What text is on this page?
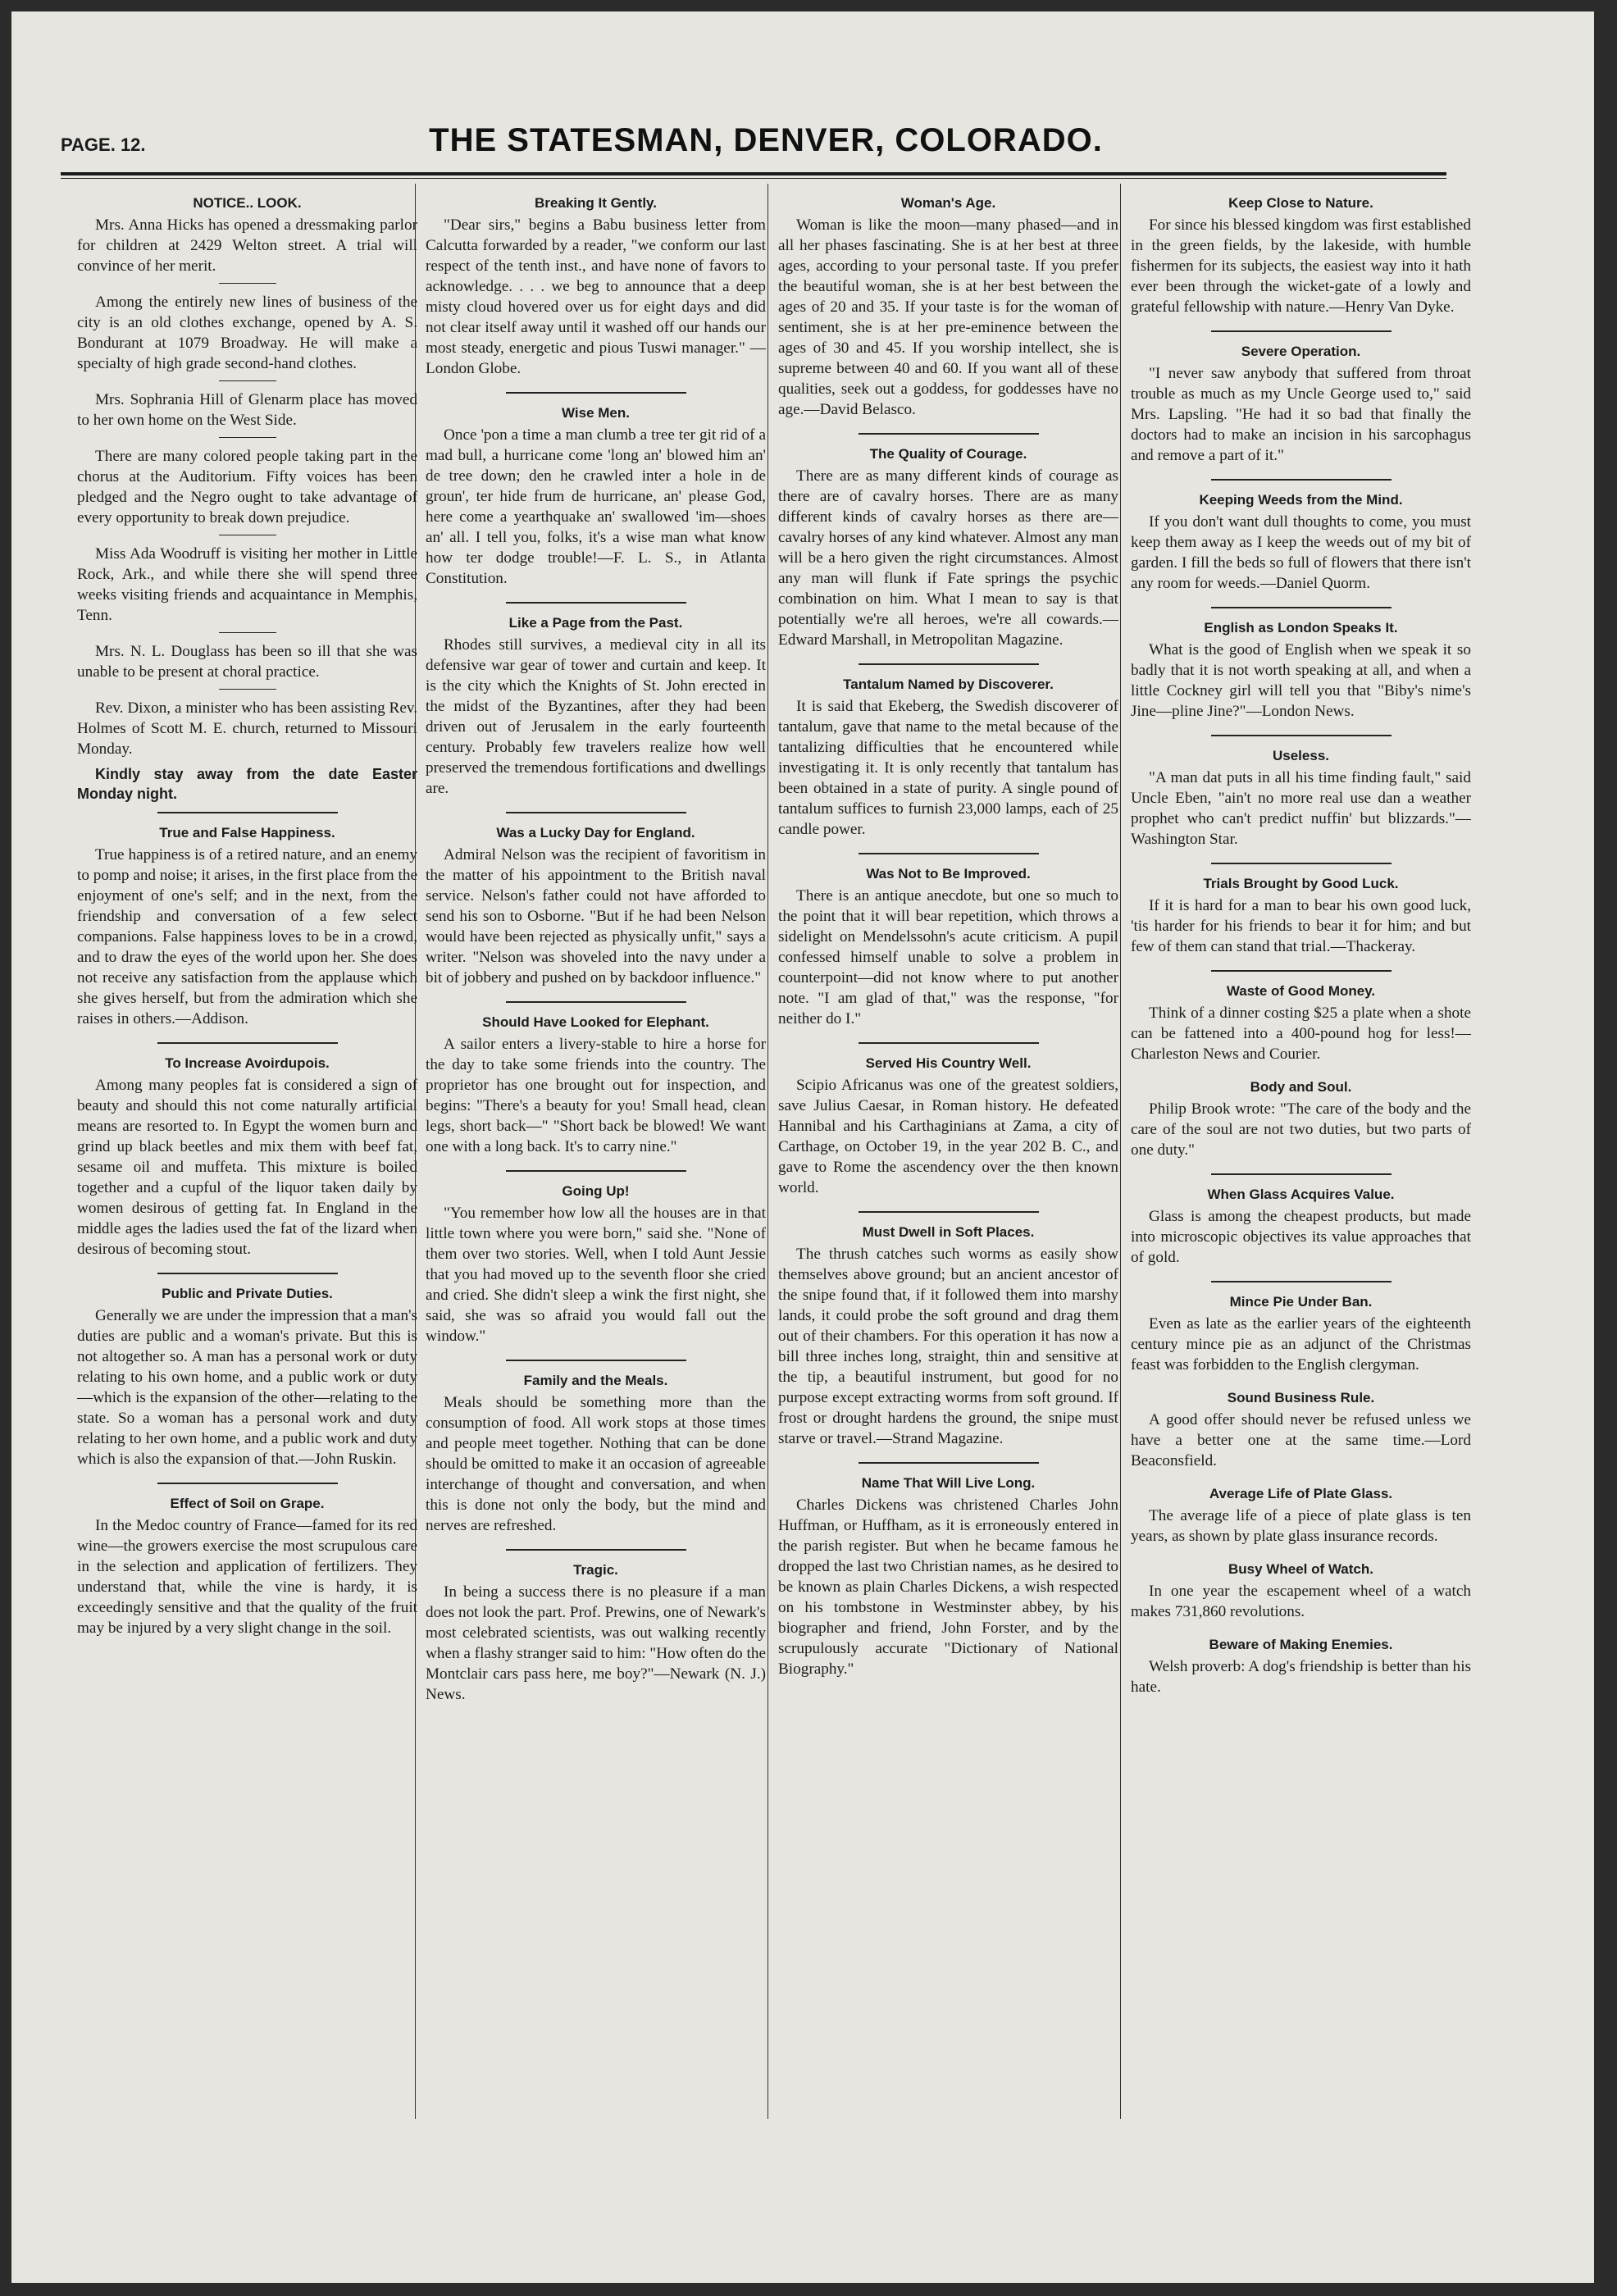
PAGE. 12.	THE STATESMAN, DENVER, COLORADO.
NOTICE.. LOOK.

Mrs. Anna Hicks has opened a dressmaking parlor for children at 2429 Welton street. A trial will convince of her merit.

Among the entirely new lines of business of the city is an old clothes exchange, opened by A. S. Bondurant at 1079 Broadway. He will make a specialty of high grade second-hand clothes.

Mrs. Sophrania Hill of Glenarm place has moved to her own home on the West Side.

There are many colored people taking part in the chorus at the Auditorium. Fifty voices has been pledged and the Negro ought to take advantage of every opportunity to break down prejudice.

Miss Ada Woodruff is visiting her mother in Little Rock, Ark., and while there she will spend three weeks visiting friends and acquaintance in Memphis, Tenn.

Mrs. N. L. Douglass has been so ill that she was unable to be present at choral practice.

Rev. Dixon, a minister who has been assisting Rev. Holmes of Scott M. E. church, returned to Missouri Monday.

Kindly stay away from the date Easter Monday night.
True and False Happiness.

True happiness is of a retired nature, and an enemy to pomp and noise; it arises, in the first place from the enjoyment of one's self; and in the next, from the friendship and conversation of a few select companions. False happiness loves to be in a crowd, and to draw the eyes of the world upon her. She does not receive any satisfaction from the applause which she gives herself, but from the admiration which she raises in others.—Addison.

To Increase Avoirdupois.

Among many peoples fat is considered a sign of beauty and should this not come naturally artificial means are resorted to. In Egypt the women burn and grind up black beetles and mix them with beef fat, sesame oil and muffeta. This mixture is boiled together and a cupful of the liquor taken daily by women desirous of getting fat. In England in the middle ages the ladies used the fat of the lizard when desirous of becoming stout.

Public and Private Duties.

Generally we are under the impression that a man's duties are public and a woman's private. But this is not altogether so. A man has a personal work or duty relating to his own home, and a public work or duty—which is the expansion of the other—relating to the state. So a woman has a personal work and duty relating to her own home, and a public work and duty which is also the expansion of that.—John Ruskin.

Effect of Soil on Grape.

In the Medoc country of France—famed for its red wine—the growers exercise the most scrupulous care in the selection and application of fertilizers. They understand that, while the vine is hardy, it is exceedingly sensitive and that the quality of the fruit may be injured by a very slight change in the soil.

Breaking It Gently.

"Dear sirs," begins a Babu business letter from Calcutta forwarded by a reader, "we conform our last respect of the tenth inst., and have none of favors to acknowledge. . . . we beg to announce that a deep misty cloud hovered over us for eight days and did not clear itself away until it washed off our hands our most steady, energetic and pious Tuswi manager." —London Globe.

Wise Men.

Once 'pon a time a man clumb a tree ter git rid of a mad bull, a hurricane come 'long an' blowed him an' de tree down; den he crawled inter a hole in de groun', ter hide frum de hurricane, an' please God, here come a yearthquake an' swallowed 'im—shoes an' all. I tell you, folks, it's a wise man what know how ter dodge trouble!—F. L. S., in Atlanta Constitution.

Like a Page from the Past.

Rhodes still survives, a medieval city in all its defensive war gear of tower and curtain and keep. It is the city which the Knights of St. John erected in the midst of the Byzantines, after they had been driven out of Jerusalem in the early fourteenth century. Probably few travelers realize how well preserved the tremendous fortifications and dwellings are.

Was a Lucky Day for England.

Admiral Nelson was the recipient of favoritism in the matter of his appointment to the British naval service. Nelson's father could not have afforded to send his son to Osborne. "But if he had been Nelson would have been rejected as physically unfit," says a writer. "Nelson was shoveled into the navy under a bit of jobbery and pushed on by backdoor influence."

Should Have Looked for Elephant.

A sailor enters a livery-stable to hire a horse for the day to take some friends into the country. The proprietor has one brought out for inspection, and begins: "There's a beauty for you! Small head, clean legs, short back—" "Short back be blowed! We want one with a long back. It's to carry nine."

Going Up!

"You remember how low all the houses are in that little town where you were born," said she. "None of them over two stories. Well, when I told Aunt Jessie that you had moved up to the seventh floor she cried and cried. She didn't sleep a wink the first night, she said, she was so afraid you would fall out the window."

Family and the Meals.

Meals should be something more than the consumption of food. All work stops at those times and people meet together. Nothing that can be done should be omitted to make it an occasion of agreeable interchange of thought and conversation, and when this is done not only the body, but the mind and nerves are refreshed.

Tragic.

In being a success there is no pleasure if a man does not look the part. Prof. Prewins, one of Newark's most celebrated scientists, was out walking recently when a flashy stranger said to him: "How often do the Montclair cars pass here, me boy?"—Newark (N. J.) News.

Woman's Age.

Woman is like the moon—many phased—and in all her phases fascinating. She is at her best at three ages, according to your personal taste. If you prefer the beautiful woman, she is at her best between the ages of 20 and 35. If your taste is for the woman of sentiment, she is at her pre-eminence between the ages of 30 and 45. If you worship intellect, she is supreme between 40 and 60. If you want all of these qualities, seek out a goddess, for goddesses have no age.—David Belasco.

The Quality of Courage.

There are as many different kinds of courage as there are of cavalry horses. There are as many different kinds of cavalry horses as there are—cavalry horses of any kind whatever. Almost any man will be a hero given the right circumstances. Almost any man will flunk if Fate springs the psychic combination on him. What I mean to say is that potentially we're all heroes, we're all cowards.—Edward Marshall, in Metropolitan Magazine.

Tantalum Named by Discoverer.

It is said that Ekeberg, the Swedish discoverer of tantalum, gave that name to the metal because of the tantalizing difficulties that he encountered while investigating it. It is only recently that tantalum has been obtained in a state of purity. A single pound of tantalum suffices to furnish 23,000 lamps, each of 25 candle power.

Was Not to Be Improved.

There is an antique anecdote, but one so much to the point that it will bear repetition, which throws a sidelight on Mendelssohn's acute criticism. A pupil confessed himself unable to solve a problem in counterpoint—did not know where to put another note. "I am glad of that," was the response, "for neither do I."

Served His Country Well.

Scipio Africanus was one of the greatest soldiers, save Julius Caesar, in Roman history. He defeated Hannibal and his Carthaginians at Zama, a city of Carthage, on October 19, in the year 202 B. C., and gave to Rome the ascendency over the then known world.

Must Dwell in Soft Places.

The thrush catches such worms as easily show themselves above ground; but an ancient ancestor of the snipe found that, if it followed them into marshy lands, it could probe the soft ground and drag them out of their chambers. For this operation it has now a bill three inches long, straight, thin and sensitive at the tip, a beautiful instrument, but good for no purpose except extracting worms from soft ground. If frost or drought hardens the ground, the snipe must starve or travel.—Strand Magazine.

Name That Will Live Long.

Charles Dickens was christened Charles John Huffman, or Huffham, as it is erroneously entered in the parish register. But when he became famous he dropped the last two Christian names, as he desired to be known as plain Charles Dickens, a wish respected on his tombstone in Westminster abbey, by his biographer and friend, John Forster, and by the scrupulously accurate "Dictionary of National Biography."

Keep Close to Nature.

For since his blessed kingdom was first established in the green fields, by the lakeside, with humble fishermen for its subjects, the easiest way into it hath ever been through the wicket-gate of a lowly and grateful fellowship with nature.—Henry Van Dyke.

Severe Operation.

"I never saw anybody that suffered from throat trouble as much as my Uncle George used to," said Mrs. Lapsling. "He had it so bad that finally the doctors had to make an incision in his sarcophagus and remove a part of it."

Keeping Weeds from the Mind.

If you don't want dull thoughts to come, you must keep them away as I keep the weeds out of my bit of garden. I fill the beds so full of flowers that there isn't any room for weeds.—Daniel Quorm.

English as London Speaks It.

What is the good of English when we speak it so badly that it is not worth speaking at all, and when a little Cockney girl will tell you that "Biby's nime's Jine—pline Jine?"—London News.

Useless.

"A man dat puts in all his time finding fault," said Uncle Eben, "ain't no more real use dan a weather prophet who can't predict nuffin' but blizzards."—Washington Star.

Trials Brought by Good Luck.

If it is hard for a man to bear his own good luck, 'tis harder for his friends to bear it for him; and but few of them can stand that trial.—Thackeray.

Waste of Good Money.

Think of a dinner costing $25 a plate when a shote can be fattened into a 400-pound hog for less!—Charleston News and Courier.

Body and Soul.

Philip Brook wrote: "The care of the body and the care of the soul are not two duties, but two parts of one duty."

When Glass Acquires Value.

Glass is among the cheapest products, but made into microscopic objectives its value approaches that of gold.

Mince Pie Under Ban.

Even as late as the earlier years of the eighteenth century mince pie as an adjunct of the Christmas feast was forbidden to the English clergyman.

Sound Business Rule.

A good offer should never be refused unless we have a better one at the same time.—Lord Beaconsfield.

Average Life of Plate Glass.

The average life of a piece of plate glass is ten years, as shown by plate glass insurance records.

Busy Wheel of Watch.

In one year the escapement wheel of a watch makes 731,860 revolutions.

Beware of Making Enemies.

Welsh proverb: A dog's friendship is better than his hate.
